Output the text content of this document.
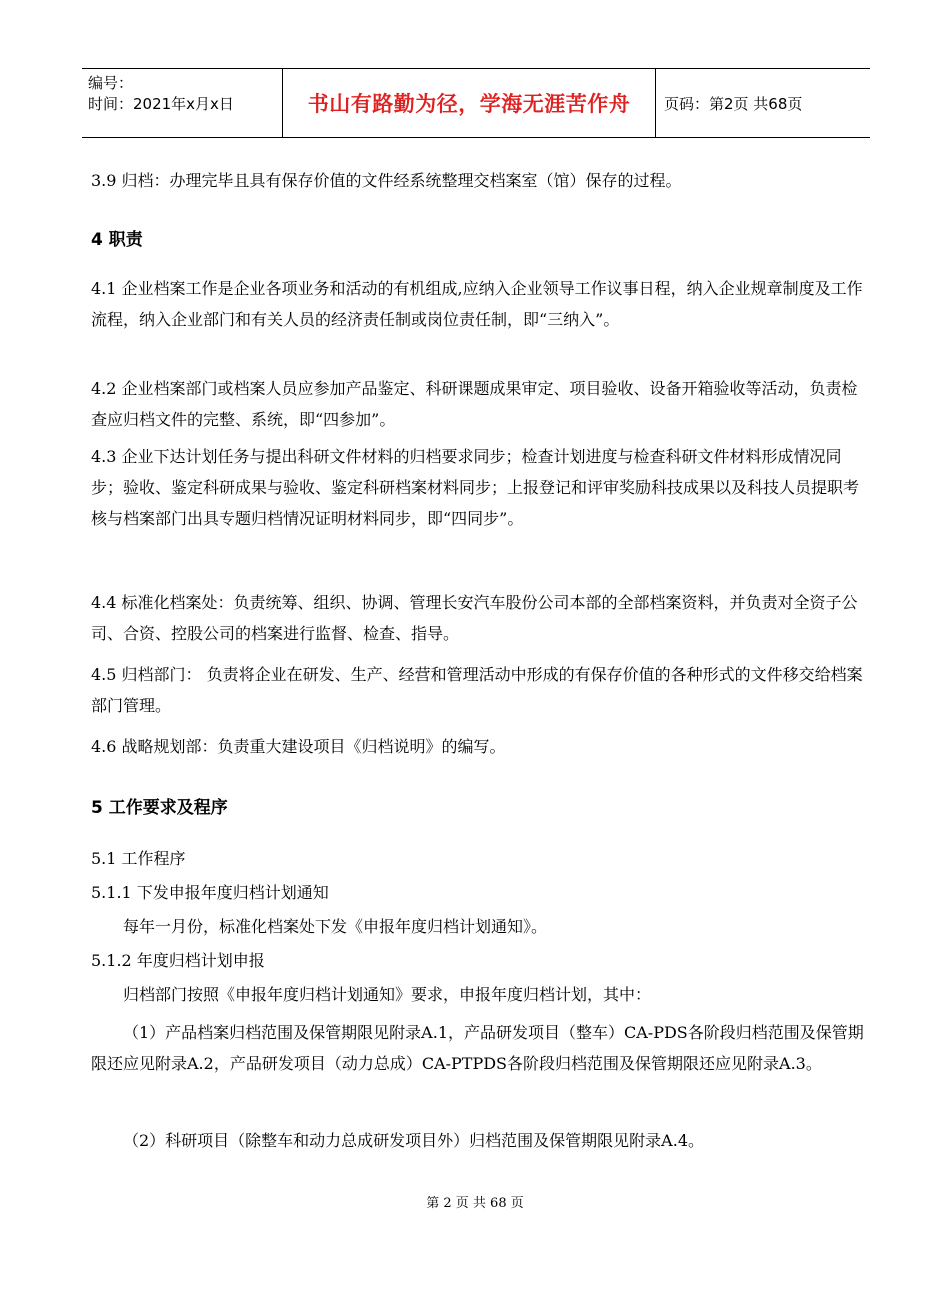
编号：
时间：2021年x月x日	书山有路勤为径，学海无涯苦作舟	页码：第2页 共68页

3.9 归档：办理完毕且具有保存价值的文件经系统整理交档案室（馆）保存的过程。

4 职责

4.1 企业档案工作是企业各项业务和活动的有机组成,应纳入企业领导工作议事日程，纳入企业规章制度及工作流程，纳入企业部门和有关人员的经济责任制或岗位责任制，即“三纳入”。

4.2 企业档案部门或档案人员应参加产品鉴定、科研课题成果审定、项目验收、设备开箱验收等活动，负责检查应归档文件的完整、系统，即“四参加”。

4.3 企业下达计划任务与提出科研文件材料的归档要求同步；检查计划进度与检查科研文件材料形成情况同步；验收、鉴定科研成果与验收、鉴定科研档案材料同步；上报登记和评审奖励科技成果以及科技人员提职考核与档案部门出具专题归档情况证明材料同步，即“四同步”。

4.4 标准化档案处：负责统筹、组织、协调、管理长安汽车股份公司本部的全部档案资料，并负责对全资子公司、合资、控股公司的档案进行监督、检查、指导。

4.5 归档部门： 负责将企业在研发、生产、经营和管理活动中形成的有保存价值的各种形式的文件移交给档案部门管理。

4.6 战略规划部：负责重大建设项目《归档说明》的编写。

5 工作要求及程序

5.1 工作程序

5.1.1 下发申报年度归档计划通知

每年一月份，标准化档案处下发《申报年度归档计划通知》。

5.1.2 年度归档计划申报

归档部门按照《申报年度归档计划通知》要求，申报年度归档计划，其中：

（1）产品档案归档范围及保管期限见附录A.1，产品研发项目（整车）CA-PDS各阶段归档范围及保管期限还应见附录A.2，产品研发项目（动力总成）CA-PTPDS各阶段归档范围及保管期限还应见附录A.3。

（2）科研项目（除整车和动力总成研发项目外）归档范围及保管期限见附录A.4。

第 2 页 共 68 页
